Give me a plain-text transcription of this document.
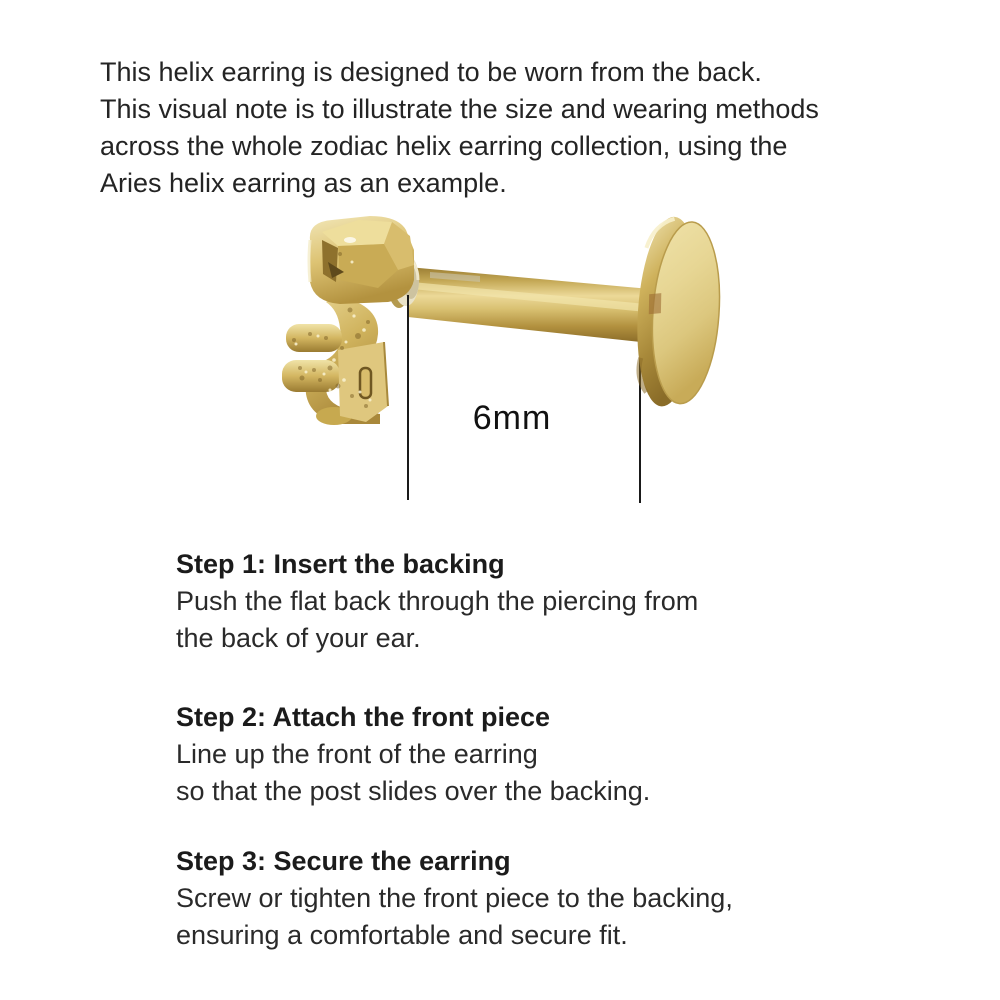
This helix earring is designed to be worn from the back.
This visual note is to illustrate the size and wearing methods
across the whole zodiac helix earring collection, using the
Aries helix earring as an example.
6mm
Step 1: Insert the backing
Push the flat back through the piercing from
the back of your ear.
Step 2: Attach the front piece
Line up the front of the earring
so that the post slides over the backing.
Step 3: Secure the earring
Screw or tighten the front piece to the backing,
ensuring a comfortable and secure fit.
